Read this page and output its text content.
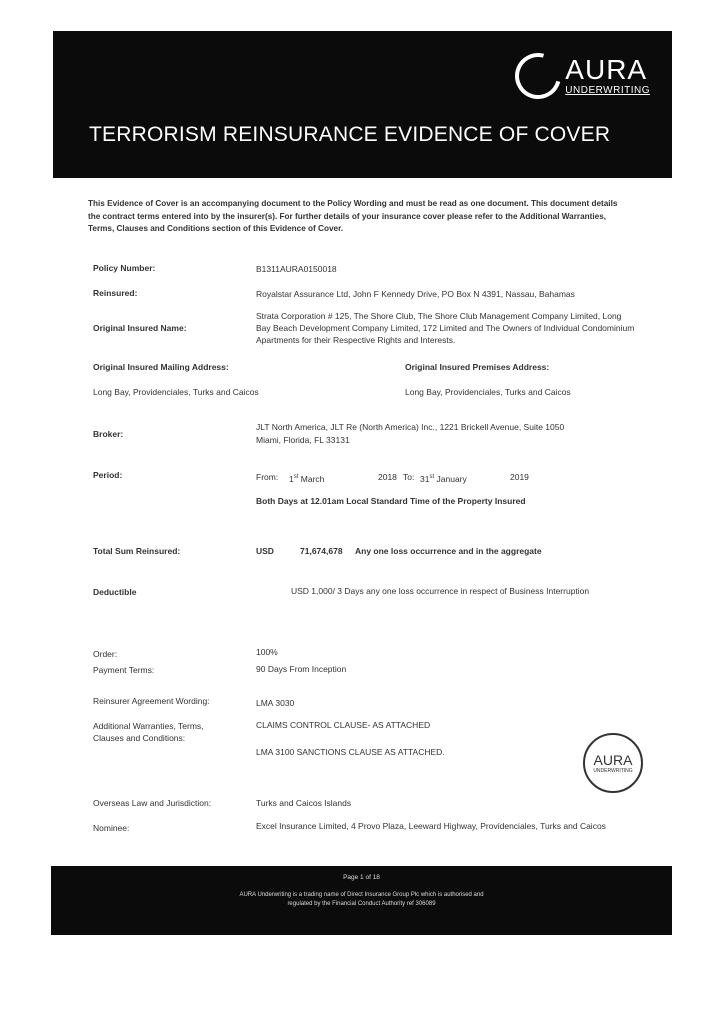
AURA
UNDERWRITING
TERRORISM REINSURANCE EVIDENCE OF COVER
This Evidence of Cover is an accompanying document to the Policy Wording and must be read as one document. This document details the contract terms entered into by the insurer(s). For further details of your insurance cover please refer to the Additional Warranties, Terms, Clauses and Conditions section of this Evidence of Cover.
Policy Number:	B1311AURA0150018
Reinsured:	Royalstar Assurance Ltd, John F Kennedy Drive, PO Box N 4391, Nassau, Bahamas
Original Insured Name:
Strata Corporation # 125, The Shore Club, The Shore Club Management Company Limited, Long Bay Beach Development Company Limited, 172 Limited and The Owners of Individual Condominium Apartments for their Respective Rights and Interests.
Original Insured Mailing Address:	Original Insured Premises Address:
Long Bay, Providenciales, Turks and Caicos	Long Bay, Providenciales, Turks and Caicos
Broker:
JLT North America, JLT Re (North America) Inc., 1221 Brickell Avenue, Suite 1050
Miami, Florida, FL 33131
Period:	From: 1st March	2018 To: 31st January	2019
Both Days at 12.01am Local Standard Time of the Property Insured
Total Sum Reinsured:	USD	71,674,678 Any one loss occurrence and in the aggregate
Deductible	USD 1,000/ 3 Days any one loss occurrence in respect of Business Interruption
Order:	100%
Payment Terms:	90 Days From Inception
Reinsurer Agreement Wording:	LMA 3030
Additional Warranties, Terms,
Clauses and Conditions:
CLAIMS CONTROL CLAUSE- AS ATTACHED
LMA 3100 SANCTIONS CLAUSE AS ATTACHED.	AURA
UNDERWRITING
Overseas Law and Jurisdiction:	Turks and Caicos Islands
Nominee:	Excel Insurance Limited, 4 Provo Plaza, Leeward Highway, Providenciales, Turks and Caicos
Page 1 of 18
AURA Underwriting is a trading name of Direct Insurance Group Plc which is authorised and
regulated by the Financial Conduct Authority ref 306089
